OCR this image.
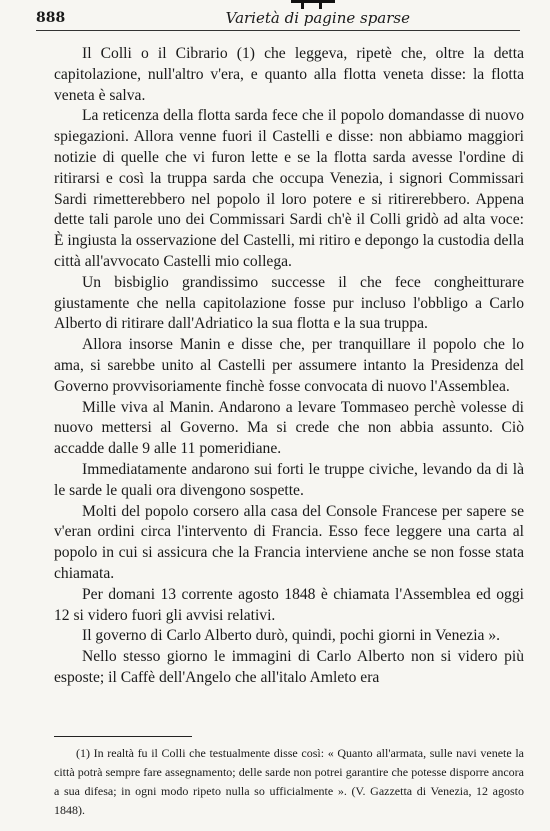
888	Varietà di pagine sparse

Il Colli o il Cibrario (1) che leggeva, ripetè che, oltre la detta capitolazione, null'altro v'era, e quanto alla flotta veneta disse: la flotta veneta è salva.

La reticenza della flotta sarda fece che il popolo domandasse di nuovo spiegazioni. Allora venne fuori il Castelli e disse: non abbiamo maggiori notizie di quelle che vi furon lette e se la flotta sarda avesse l'ordine di ritirarsi e così la truppa sarda che occupa Venezia, i signori Commissari Sardi rimetterebbero nel popolo il loro potere e si ritirerebbero. Appena dette tali parole uno dei Commissari Sardi ch'è il Colli gridò ad alta voce: È ingiusta la osservazione del Castelli, mi ritiro e depongo la custodia della città all'avvocato Castelli mio collega.

Un bisbiglio grandissimo successe il che fece congheitturare giustamente che nella capitolazione fosse pur incluso l'obbligo a Carlo Alberto di ritirare dall'Adriatico la sua flotta e la sua truppa.

Allora insorse Manin e disse che, per tranquillare il popolo che lo ama, si sarebbe unito al Castelli per assumere intanto la Presidenza del Governo provvisoriamente finchè fosse convocata di nuovo l'Assemblea.

Mille viva al Manin. Andarono a levare Tommaseo perchè volesse di nuovo mettersi al Governo. Ma si crede che non abbia assunto. Ciò accadde dalle 9 alle 11 pomeridiane.

Immediatamente andarono sui forti le truppe civiche, levando da di là le sarde le quali ora divengono sospette.

Molti del popolo corsero alla casa del Console Francese per sapere se v'eran ordini circa l'intervento di Francia. Esso fece leggere una carta al popolo in cui si assicura che la Francia interviene anche se non fosse stata chiamata.

Per domani 13 corrente agosto 1848 è chiamata l'Assemblea ed oggi 12 si videro fuori gli avvisi relativi.

Il governo di Carlo Alberto durò, quindi, pochi giorni in Venezia ».

Nello stesso giorno le immagini di Carlo Alberto non si videro più esposte; il Caffè dell'Angelo che all'italo Amleto era

(1) In realtà fu il Colli che testualmente disse così: « Quanto all'armata, sulle navi venete la città potrà sempre fare assegnamento; delle sarde non potrei garantire che potesse disporre ancora a sua difesa; in ogni modo ripeto nulla so ufficialmente ». (V. Gazzetta di Venezia, 12 agosto 1848).
